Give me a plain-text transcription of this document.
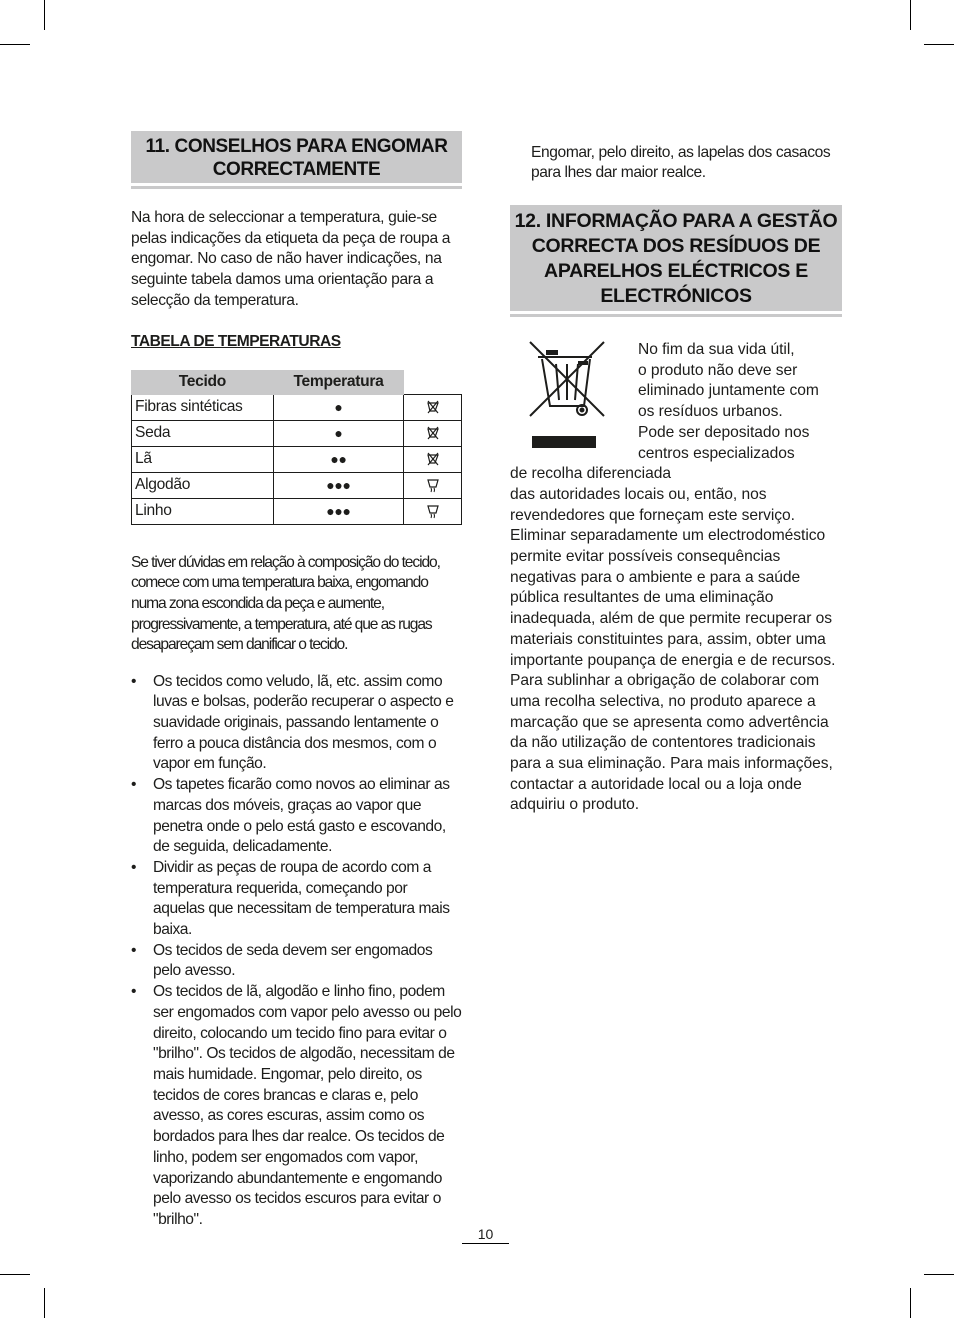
11. CONSELHOS PARA ENGOMAR
CORRECTAMENTE

Na hora de seleccionar a temperatura, guie-se pelas indicações da etiqueta da peça de roupa a engomar. No caso de não haver indicações, na seguinte tabela damos uma orientação para a selecção da temperatura.

TABELA DE TEMPERATURAS

Tecido	Temperatura	
Fibras sintéticas	●	

Seda	●	

Lã	●●	

Algodão	●●●	

Linho	●●●	

Se tiver dúvidas em relação à composição do tecido, comece com uma temperatura baixa, engomando numa zona escondida da peça e aumente, progressivamente, a temperatura, até que as rugas desapareçam sem danificar o tecido.

• Os tecidos como veludo, lã, etc. assim como luvas e bolsas, poderão recuperar o aspecto e suavidade originais, passando lentamente o ferro a pouca distância dos mesmos, com o vapor em função.
• Os tapetes ficarão como novos ao eliminar as marcas dos móveis, graças ao vapor que penetra onde o pelo está gasto e escovando, de seguida, delicadamente.
• Dividir as peças de roupa de acordo com a temperatura requerida, começando por aquelas que necessitam de temperatura mais baixa.
• Os tecidos de seda devem ser engomados pelo avesso.
• Os tecidos de lã, algodão e linho fino, podem ser engomados com vapor pelo avesso ou pelo direito, colocando um tecido fino para evitar o "brilho". Os tecidos de algodão, necessitam de mais humidade. Engomar, pelo direito, os tecidos de cores brancas e claras e, pelo avesso, as cores escuras, assim como os bordados para lhes dar realce. Os tecidos de linho, podem ser engomados com vapor, vaporizando abundantemente e engomando pelo avesso os tecidos escuros para evitar o "brilho".

Engomar, pelo direito, as lapelas dos casacos para lhes dar maior realce.

12. INFORMAÇÃO PARA A GESTÃO
CORRECTA DOS RESÍDUOS DE
APARELHOS ELÉCTRICOS E
ELECTRÓNICOS

No fim da sua vida útil,
o produto não deve ser
eliminado juntamente com
os resíduos urbanos.
Pode ser depositado nos
centros especializados
de recolha diferenciada

das autoridades locais ou, então, nos revendedores que forneçam este serviço. Eliminar separadamente um electrodoméstico permite evitar possíveis consequências negativas para o ambiente e para a saúde pública resultantes de uma eliminação inadequada, além de que permite recuperar os materiais constituintes para, assim, obter uma importante poupança de energia e de recursos. Para sublinhar a obrigação de colaborar com uma recolha selectiva, no produto aparece a marcação que se apresenta como advertência da não utilização de contentores tradicionais para a sua eliminação. Para mais informações, contactar a autoridade local ou a loja onde adquiriu o produto.

10
